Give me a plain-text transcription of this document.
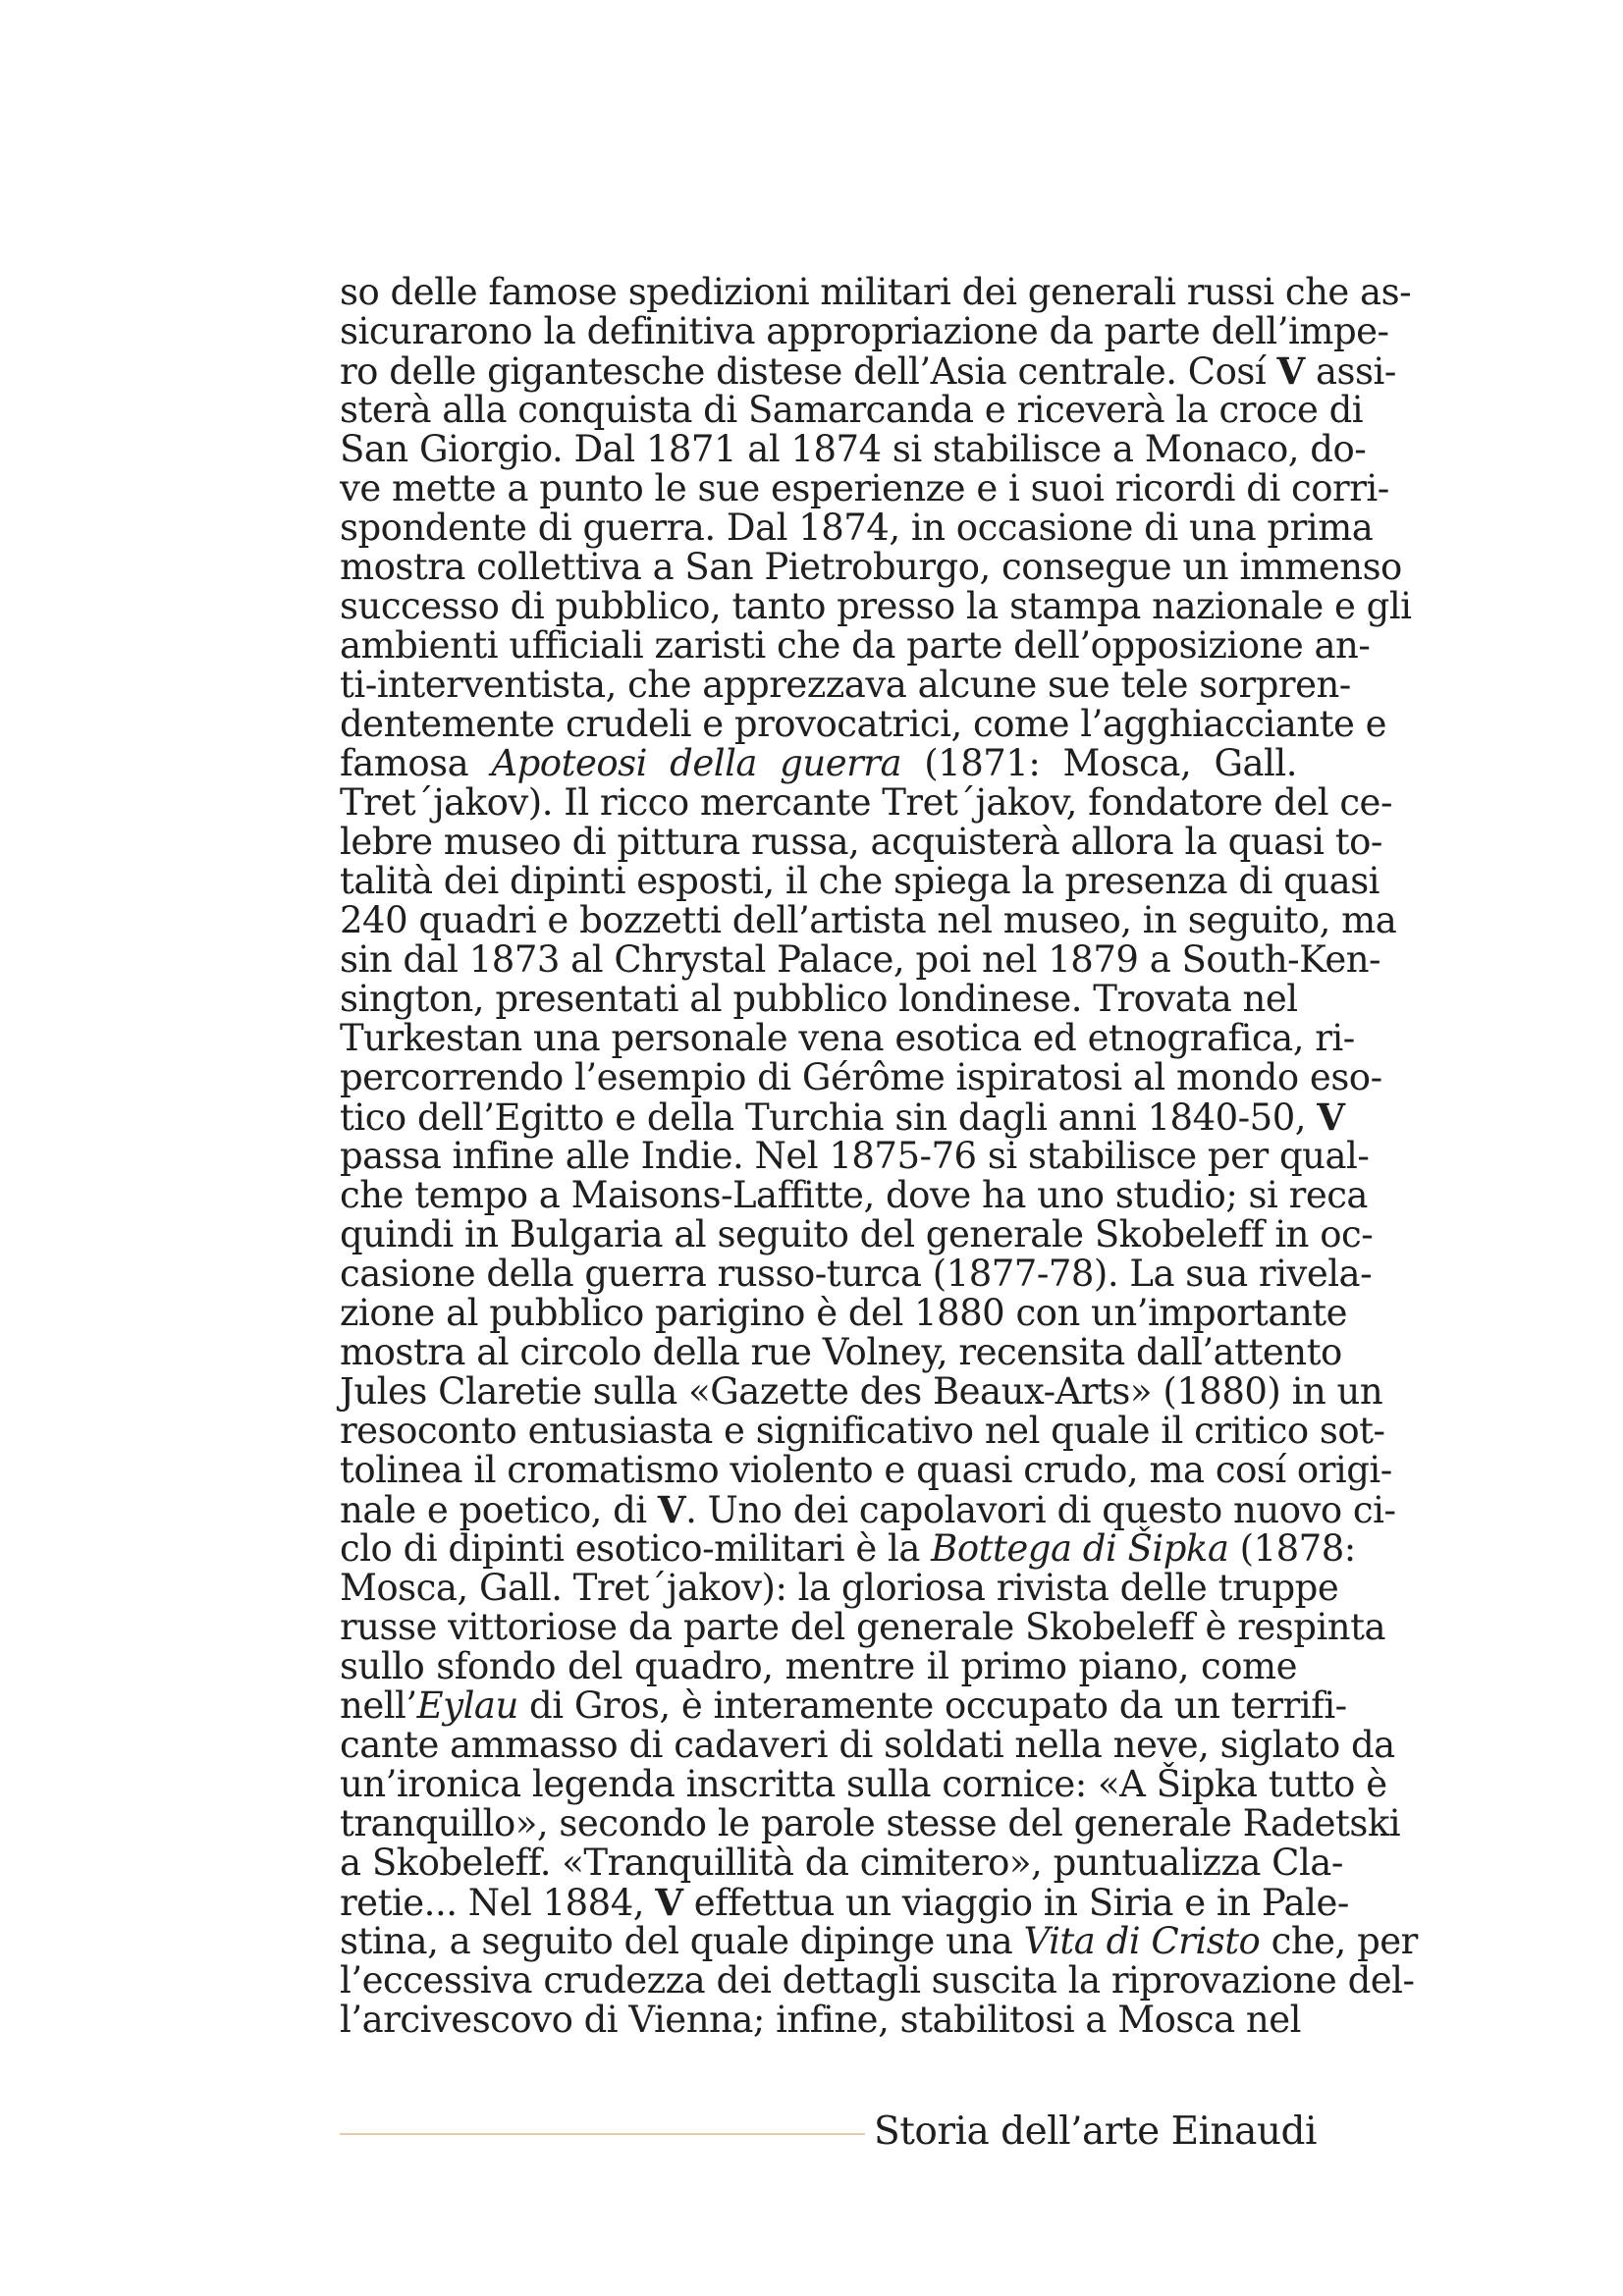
so delle famose spedizioni militari dei generali russi che as-
sicurarono la definitiva appropriazione da parte dell’impe-
ro delle gigantesche distese dell’Asia centrale. Cosí V assi-
sterà alla conquista di Samarcanda e riceverà la croce di
San Giorgio. Dal 1871 al 1874 si stabilisce a Monaco, do-
ve mette a punto le sue esperienze e i suoi ricordi di corri-
spondente di guerra. Dal 1874, in occasione di una prima
mostra collettiva a San Pietroburgo, consegue un immenso
successo di pubblico, tanto presso la stampa nazionale e gli
ambienti ufficiali zaristi che da parte dell’opposizione an-
ti-interventista, che apprezzava alcune sue tele sorpren-
dentemente crudeli e provocatrici, come l’agghiacciante e
famosa Apoteosi della guerra (1871: Mosca, Gall.
Tret´jakov). Il ricco mercante Tret´jakov, fondatore del ce-
lebre museo di pittura russa, acquisterà allora la quasi to-
talità dei dipinti esposti, il che spiega la presenza di quasi
240 quadri e bozzetti dell’artista nel museo, in seguito, ma
sin dal 1873 al Chrystal Palace, poi nel 1879 a South-Ken-
sington, presentati al pubblico londinese. Trovata nel
Turkestan una personale vena esotica ed etnografica, ri-
percorrendo l’esempio di Gérôme ispiratosi al mondo eso-
tico dell’Egitto e della Turchia sin dagli anni 1840-50, V
passa infine alle Indie. Nel 1875-76 si stabilisce per qual-
che tempo a Maisons-Laffitte, dove ha uno studio; si reca
quindi in Bulgaria al seguito del generale Skobeleff in oc-
casione della guerra russo-turca (1877-78). La sua rivela-
zione al pubblico parigino è del 1880 con un’importante
mostra al circolo della rue Volney, recensita dall’attento
Jules Claretie sulla «Gazette des Beaux-Arts» (1880) in un
resoconto entusiasta e significativo nel quale il critico sot-
tolinea il cromatismo violento e quasi crudo, ma cosí origi-
nale e poetico, di V. Uno dei capolavori di questo nuovo ci-
clo di dipinti esotico-militari è la Bottega di Šipka (1878:
Mosca, Gall. Tret´jakov): la gloriosa rivista delle truppe
russe vittoriose da parte del generale Skobeleff è respinta
sullo sfondo del quadro, mentre il primo piano, come
nell’Eylau di Gros, è interamente occupato da un terrifi-
cante ammasso di cadaveri di soldati nella neve, siglato da
un’ironica legenda inscritta sulla cornice: «A Šipka tutto è
tranquillo», secondo le parole stesse del generale Radetski
a Skobeleff. «Tranquillità da cimitero», puntualizza Cla-
retie... Nel 1884, V effettua un viaggio in Siria e in Pale-
stina, a seguito del quale dipinge una Vita di Cristo che, per
l’eccessiva crudezza dei dettagli suscita la riprovazione del-
l’arcivescovo di Vienna; infine, stabilitosi a Mosca nel
Storia dell’arte Einaudi
